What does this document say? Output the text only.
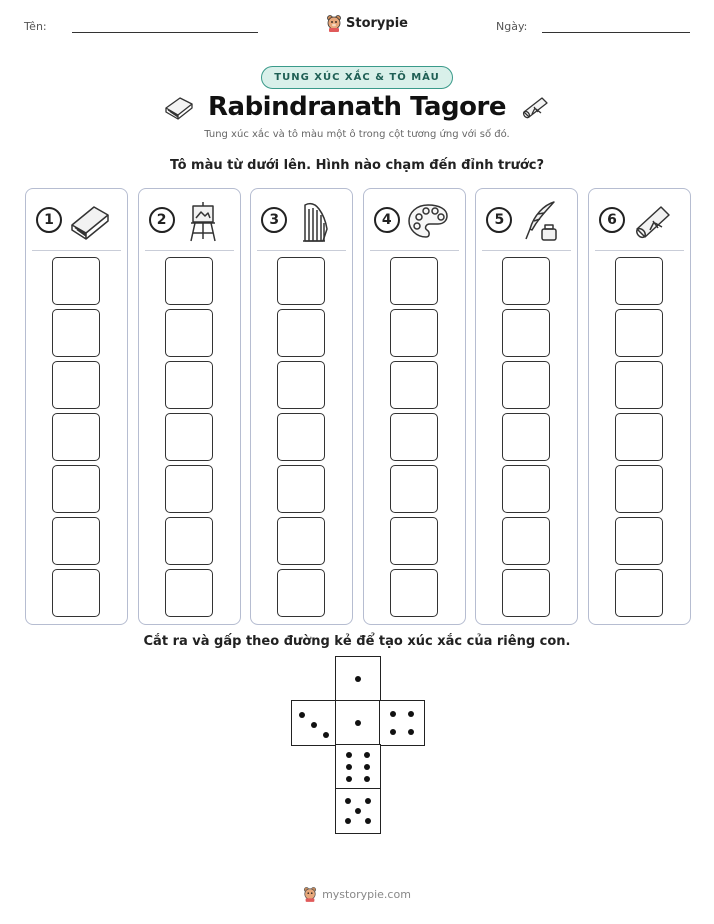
Tên:	Storypie	Ngày:
TUNG XÚC XẮC & TÔ MÀU
Rabindranath Tagore
Tung xúc xắc và tô màu một ô trong cột tương ứng với số đó.
Tô màu từ dưới lên. Hình nào chạm đến đỉnh trước?
1	2	3	4	5	6
Cắt ra và gấp theo đường kẻ để tạo xúc xắc của riêng con.
mystorypie.com
